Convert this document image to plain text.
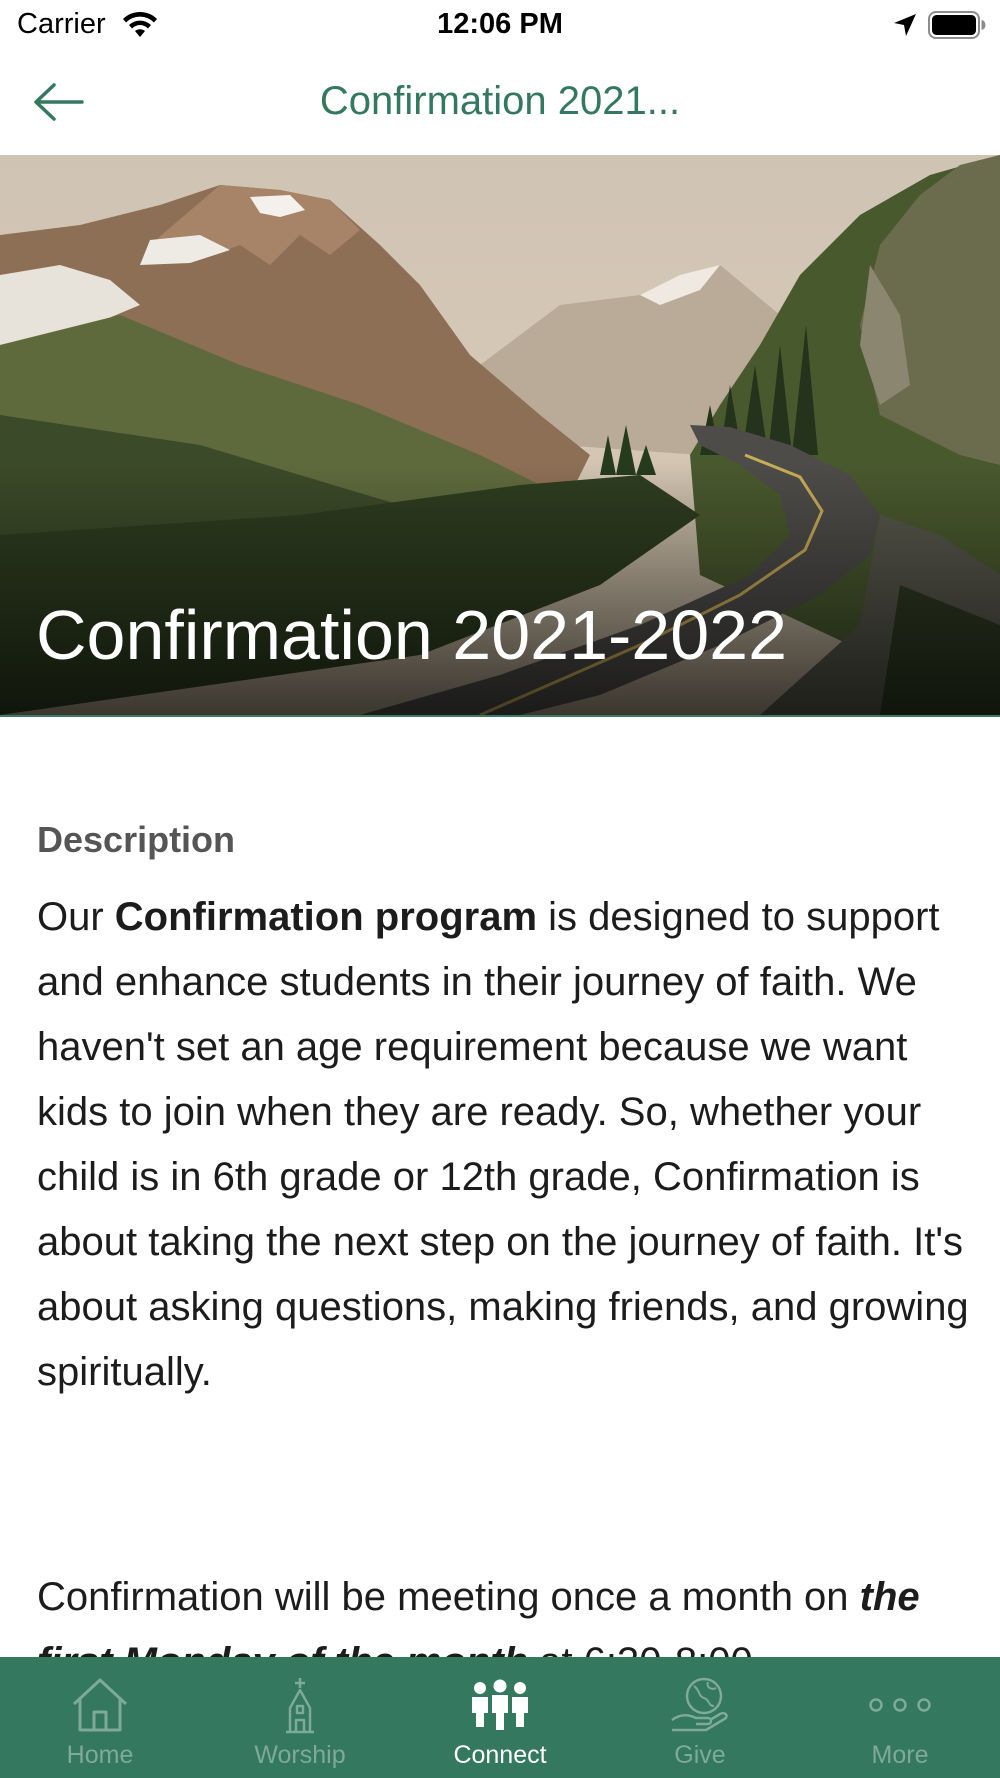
Carrier	12:06 PM
Confirmation 2021...
Confirmation 2021-2022
Description

Our Confirmation program is designed to support and enhance students in their journey of faith. We haven't set an age requirement because we want kids to join when they are ready. So, whether your child is in 6th grade or 12th grade, Confirmation is about taking the next step on the journey of faith. It's about asking questions, making friends, and growing spiritually.

Confirmation will be meeting once a month on the

Home	Worship	Connect	Give	More
